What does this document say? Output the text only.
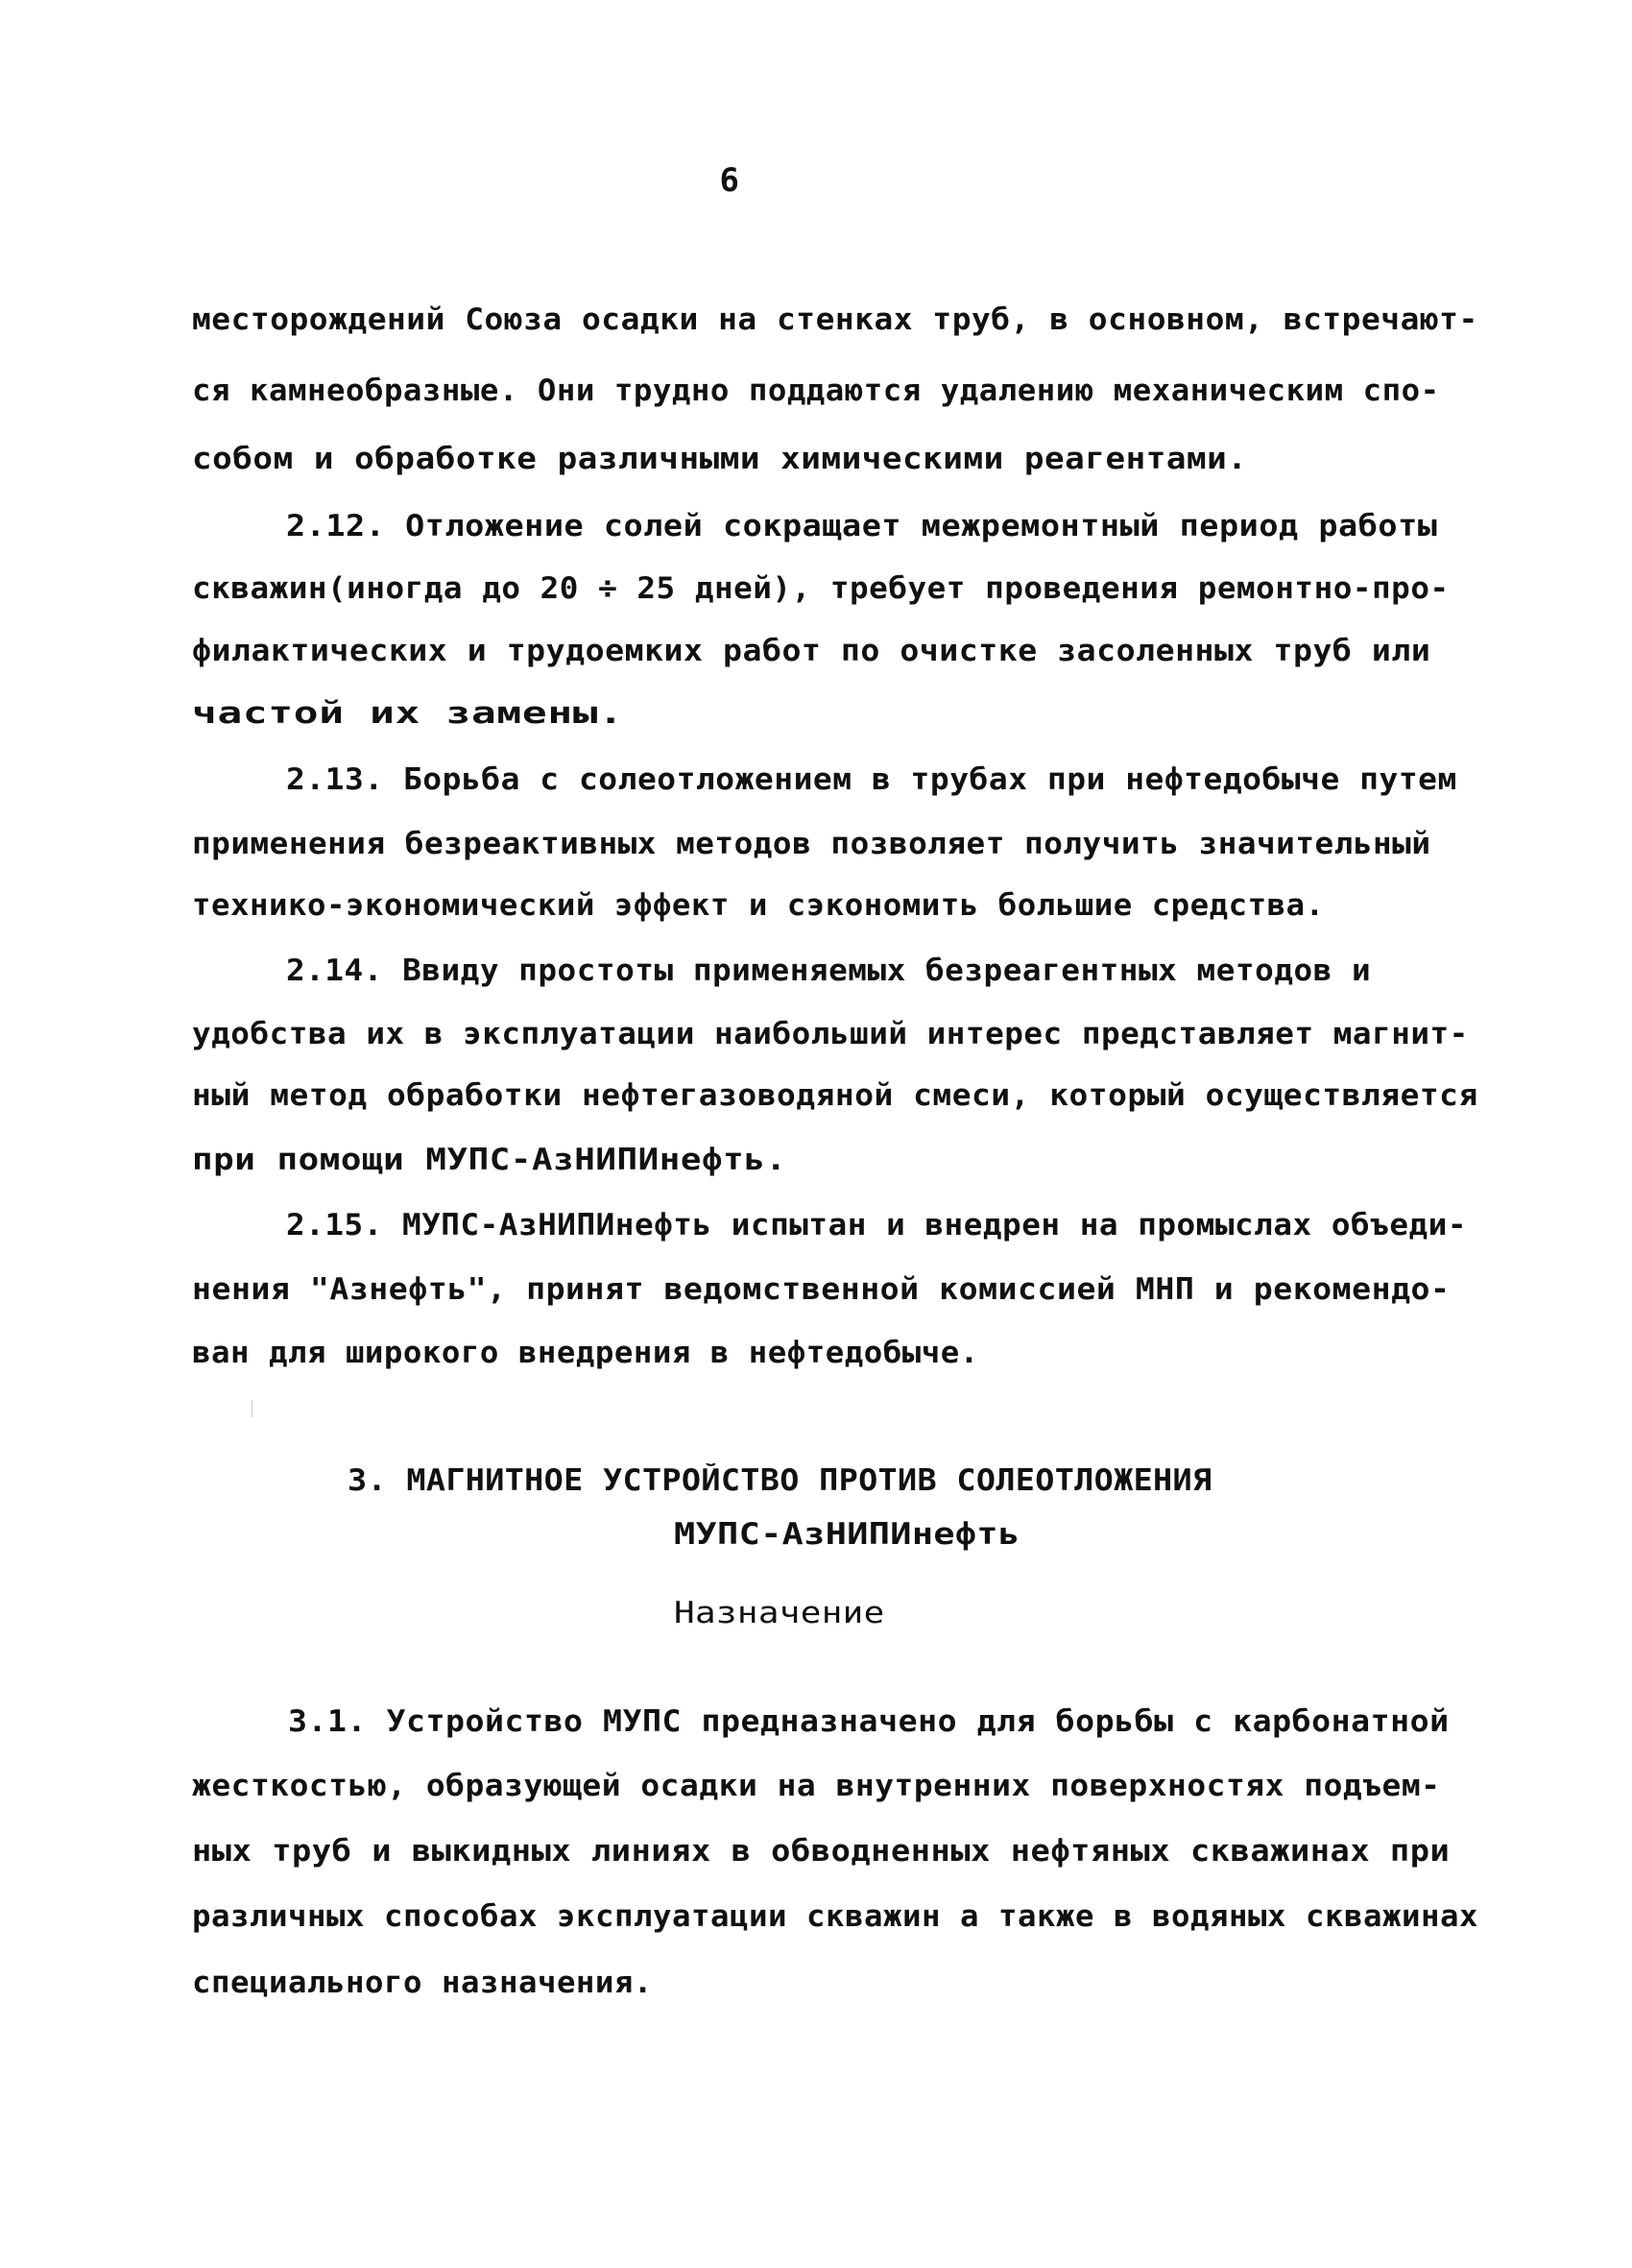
6
месторождений Союза осадки на стенках труб, в основном, встречают-
ся камнеобразные. Они трудно поддаются удалению механическим спо-
собом и обработке различными химическими реагентами.
2.12. Отложение солей сокращает межремонтный период работы
скважин(иногда до 20 ÷ 25 дней), требует проведения ремонтно-про-
филактических и трудоемких работ по очистке засоленных труб или
частой их замены.
2.13. Борьба с солеотложением в трубах при нефтедобыче путем
применения безреактивных методов позволяет получить значительный
технико-экономический эффект и сэкономить большие средства.
2.14. Ввиду простоты применяемых безреагентных методов и
удобства их в эксплуатации наибольший интерес представляет магнит-
ный метод обработки нефтегазоводяной смеси, который осуществляется
при помощи МУПС-АзНИПИнефть.
2.15. МУПС-АзНИПИнефть испытан и внедрен на промыслах объеди-
нения "Азнефть", принят ведомственной комиссией МНП и рекомендо-
ван для широкого внедрения в нефтедобыче.
3. МАГНИТНОЕ УСТРОЙСТВО ПРОТИВ СОЛЕОТЛОЖЕНИЯ
МУПС-АзНИПИнефть
Назначение
3.1. Устройство МУПС предназначено для борьбы с карбонатной
жесткостью, образующей осадки на внутренних поверхностях подъем-
ных труб и выкидных линиях в обводненных нефтяных скважинах при
различных способах эксплуатации скважин а также в водяных скважинах
специального назначения.
